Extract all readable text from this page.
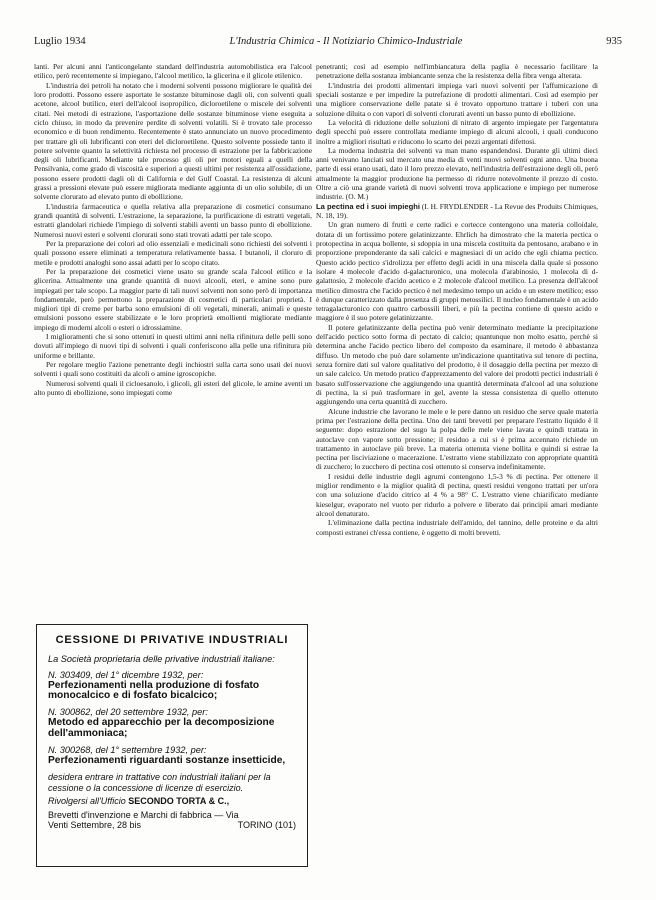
Luglio 1934	L'Industria Chimica - Il Notiziario Chimico-Industriale	935

lanti. Per alcuni anni l'anticongelante standard dell'industria automobilistica era l'alcool etilico, però recentemente si impiegano, l'alcool metilico, la glicerina e il glicole etilenico.

L'industria dei petroli ha notato che i moderni solventi possono migliorare le qualità dei loro prodotti. Possono essere asportate le sostanze bituminose dagli oli, con solventi quali acetone, alcool butilico, eteri dell'alcool isopropilico, dicloroetilene o miscele dei solventi citati. Nei metodi di estrazione, l'asportazione delle sostanze bituminose viene eseguita a ciclo chiuso, in modo da prevenire perdite di solventi volatili. Si è trovato tale processo economico e di buon rendimento. Recentemente è stato annunciato un nuovo procedimento per trattare gli oli lubrificanti con eteri del dicloroetilene. Questo solvente possiede tanto il potere solvente quanto la selettività richiesta nel processo di estrazione per la fabbricazione degli oli lubrificanti. Mediante tale processo gli oli per motori eguali a quelli della Pensilvania, come grado di viscosità e superiori a questi ultimi per resistenza all'ossidazione, possono essere prodotti dagli oli di California e del Gulf Coastal. La resistenza di alcuni grassi a pressioni elevate può essere migliorata mediante aggiunta di un olio solubile, di un solvente clorurato ad elevato punto di ebollizione.

L'industria farmaceutica e quella relativa alla preparazione di cosmetici consumano grandi quantità di solventi. L'estrazione, la separazione, la purificazione di estratti vegetali, estratti glandolari richiede l'impiego di solventi stabili aventi un basso punto di ebollizione. Numerosi nuovi esteri e solventi clorurati sono stati trovati adatti per tale scopo.

Per la preparazione dei colori ad olio essenziali e medicinali sono richiesti dei solventi i quali possono essere eliminati a temperatura relativamente bassa. I butanoli, il cloruro di metile e prodotti analoghi sono assai adatti per lo scopo citato.

Per la preparazione dei cosmetici viene usato su grande scala l'alcool etilico e la glicerina. Attualmente una grande quantità di nuovi alcooli, eteri, e amine sono pure impiegati per tale scopo. La maggior parte di tali nuovi solventi non sono però di importanza fondamentale, però permettono la preparazione di cosmetici di particolari proprietà. I migliori tipi di creme per barba sono emulsioni di oli vegetali, minerali, animali e queste emulsioni possono essere stabilizzate e le loro proprietà emollienti migliorate mediante impiego di moderni alcoli o esteri o idrossiamine.

I miglioramenti che si sono ottenuti in questi ultimi anni nella rifinitura delle pelli sono dovuti all'impiego di nuovi tipi di solventi i quali conferiscono alla pelle una rifinitura più uniforme e brillante.

Per regolare meglio l'azione penetrante degli inchiostri sulla carta sono usati dei nuovi solventi i quali sono costituiti da alcoli o amine igroscopiche.

Numerosi solventi quali il cicloesanolo, i glicoli, gli esteri del glicole, le amine aventi un alto punto di ebollizione, sono impiegati come

CESSIONE DI PRIVATIVE INDUSTRIALI
La Società proprietaria delle privative industriali italiane:
N. 303409, del 1° dicembre 1932, per:
Perfezionamenti nella produzione di fosfato monocalcico e di fosfato bicalcico;
N. 300862, del 20 settembre 1932, per:
Metodo ed apparecchio per la decomposizione dell'ammoniaca;
N. 300268, del 1° settembre 1932, per:
Perfezionamenti riguardanti sostanze insetticide,
desidera entrare in trattative con industriali italiani per la cessione o la concessione di licenze di esercizio.
Rivolgersi all'Ufficio SECONDO TORTA & C.,
Brevetti d'invenzione e Marchi di fabbrica — Via
Venti Settembre, 28 bis	TORINO (101)

penetranti; così ad esempio nell'imbiancatura della paglia è necessario facilitare la penetrazione della sostanza imbiancante senza che la resistenza della fibra venga alterata.

L'industria dei prodotti alimentari impiega vari nuovi solventi per l'affumicazione di speciali sostanze e per impedire la putrefazione di prodotti alimentari. Così ad esempio per una migliore conservazione delle patate si è trovato opportuno trattare i tuberi con una soluzione diluita o con vapori di solventi clorurati aventi un basso punto di ebollizione.

La velocità di riduzione delle soluzioni di nitrato di argento impiegate per l'argentatura degli specchi può essere controllata mediante impiego di alcuni alcooli, i quali conducono inoltre a migliori risultati e riducono lo scarto dei pezzi argentati difettosi.

La moderna industria dei solventi va man mano espandendosi. Durante gli ultimi dieci anni venivano lanciati sul mercato una media di venti nuovi solventi ogni anno. Una buona parte di essi erano usati, dato il loro prezzo elevato, nell'industria dell'estrazione degli oli, però attualmente la maggior produzione ha permesso di ridurre notevolmente il prezzo di costo. Oltre a ciò una grande varietà di nuovi solventi trova applicazione e impiego per numerose industrie. (O. M.)

La pectina ed i suoi impieghi (I. H. FRYDLENDER - La Revue des Produits Chimiques, N. 18, 19).

Un gran numero di frutti e certe radici e cortecce contengono una materia colloidale, dotata di un fortissimo potere gelatinizzante. Ehrlich ha dimostrato che la materia pectica o protopectina in acqua bollente, si sdoppia in una miscela costituita da pentosano, arabano e in proporzione preponderante da sali calcici e magnesiaci di un acido che egli chiama pectico. Questo acido pectico s'idrolizza per effetto degli acidi in una miscela dalla quale si possono isolare 4 molecole d'acido d-galacturonico, una molecola d'arabinosio, 1 molecola di d-galattosio, 2 molecole d'acido acetico e 2 molecole d'alcool metilico. La presenza dell'alcool metilico dimostra che l'acido pectico è nel medesimo tempo un acido e un estere metilico; esso è dunque caratterizzato dalla presenza di gruppi metossilici. Il nucleo fondamentale è un acido tetragalacturonico con quattro carbossili liberi, e più la pectina contiene di questo acido e maggiore è il suo potere gelatinizzante.

Il potere gelatinizzante della pectina può venir determinato mediante la precipitazione dell'acido pectico sotto forma di pectato di calcio; quantunque non molto esatto, perchè si determina anche l'acido pectico libero del composto da esaminare, il metodo è abbastanza diffuso. Un metodo che può dare solamente un'indicazione quantitativa sul tenore di pectina, senza fornire dati sul valore qualitativo del prodotto, è il dosaggio della pectina per mezzo di un sale calcico. Un metodo pratico d'apprezzamento del valore dei prodotti pectici industriali è basato sull'osservazione che aggiungendo una quantità determinata d'alcool ad una soluzione di pectina, la si può trasformare in gel, avente la stessa consistenza di quello ottenuto aggiungendo una certa quantità di zucchero.

Alcune industrie che lavorano le mele e le pere danno un residuo che serve quale materia prima per l'estrazione della pectina. Uno dei tanti brevetti per preparare l'estratto liquido è il seguente: dopo estrazione del sugo la polpa delle mele viene lavata e quindi trattata in autoclave con vapore sotto pressione; il residuo a cui si è prima accennato richiede un trattamento in autoclave più breve. La materia ottenuta viene bollita e quindi si estrae la pectina per lisciviazione o macerazione. L'estratto viene stabilizzato con appropriate quantità di zucchero; lo zucchero di pectina così ottenuto si conserva indefinitamente.

I residui delle industrie degli agrumi contengono 1,5-3 % di pectina. Per ottenere il miglior rendimento e la miglior qualità di pectina, questi residui vengono trattati per un'ora con una soluzione d'acido citrico al 4 % a 98° C. L'estratto viene chiarificato mediante kieselgur, evaporato nel vuoto per ridurlo a polvere e liberato dai principii amari mediante alcool denaturato.

L'eliminazione dalla pectina industriale dell'amido, del tannino, delle proteine e da altri composti estranei ch'essa contiene, è oggetto di molti brevetti.
